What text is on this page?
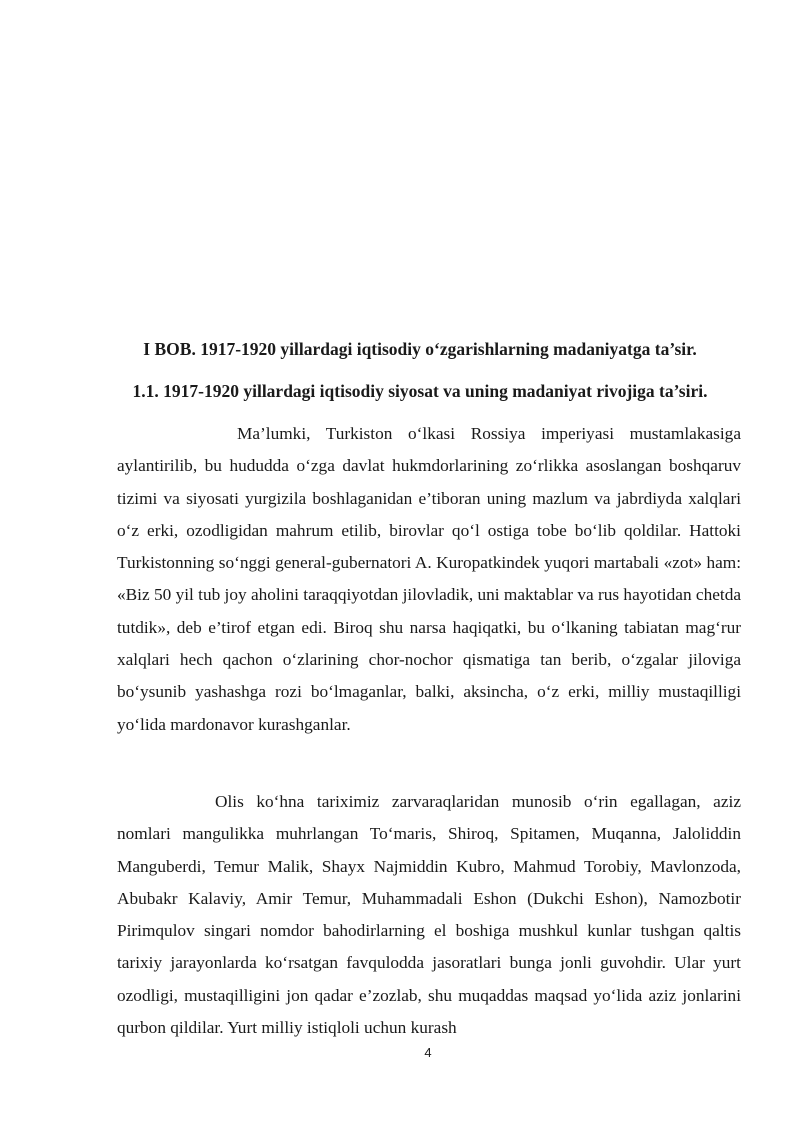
I BOB. 1917-1920 yillardagi iqtisodiy o‘zgarishlarning madaniyatga ta’sir.
1.1. 1917-1920 yillardagi iqtisodiy siyosat va uning madaniyat rivojiga ta’siri.

Ma’lumki, Turkiston o‘lkasi Rossiya imperiyasi mustamlakasiga aylantirilib, bu hududda o‘zga davlat hukmdorlarining zo‘rlikka asoslangan boshqaruv tizimi va siyosati yurgizila boshlaganidan e’tiboran uning mazlum va jabrdiyda xalqlari o‘z erki, ozodligidan mahrum etilib, birovlar qo‘l ostiga tobe bo‘lib qoldilar. Hattoki Turkistonning so‘nggi general-gubernatori A. Kuropatkindek yuqori martabali «zot» ham: «Biz 50 yil tub joy aholini taraqqiyotdan jilovladik, uni maktablar va rus hayotidan chetda tutdik», deb e’tirof etgan edi. Biroq shu narsa haqiqatki, bu o‘lkaning tabiatan mag‘rur xalqlari hech qachon o‘zlarining chor-nochor qismatiga tan berib, o‘zgalar jiloviga bo‘ysunib yashashga rozi bo‘lmaganlar, balki, aksincha, o‘z erki, milliy mustaqilligi yo‘lida mardonavor kurashganlar.

Olis ko‘hna tariximiz zarvaraqlaridan munosib o‘rin egallagan, aziz nomlari mangulikka muhrlangan To‘maris, Shiroq, Spitamen, Muqanna, Jaloliddin Manguberdi, Temur Malik, Shayx Najmiddin Kubro, Mahmud Torobiy, Mavlonzoda, Abubakr Kalaviy, Amir Temur, Muhammadali Eshon (Dukchi Eshon), Namozbotir Pirimqulov singari nomdor bahodirlarning el boshiga mushkul kunlar tushgan qaltis tarixiy jarayonlarda ko‘rsatgan favqulodda jasoratlari bunga jonli guvohdir. Ular yurt ozodligi, mustaqilligini jon qadar e’zozlab, shu muqaddas maqsad yo‘lida aziz jonlarini qurbon qildilar. Yurt milliy istiqloli uchun kurash

4
